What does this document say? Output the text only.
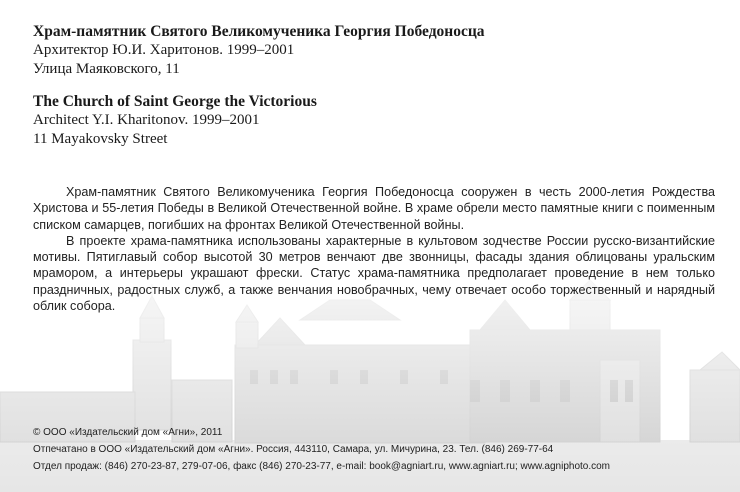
Храм-памятник Святого Великомученика Георгия Победоносца
Архитектор Ю.И. Харитонов. 1999–2001
Улица Маяковского, 11
The Church of Saint George the Victorious
Architect Y.I. Kharitonov. 1999–2001
11 Mayakovsky Street

Храм-памятник Святого Великомученика Георгия Победоносца сооружен в честь 2000-летия Рождества Христова и 55-летия Победы в Великой Отечественной войне. В храме обрели место памятные книги с поименным списком самарцев, погибших на фронтах Великой Отечественной войны.

В проекте храма-памятника использованы характерные в культовом зодчестве России русско-византийские мотивы. Пятиглавый собор высотой 30 метров венчают две звонницы, фасады здания облицованы уральским мрамором, а интерьеры украшают фрески. Статус храма-памятника предполагает проведение в нем только праздничных, радостных служб, а также венчания новобрачных, чему отвечает особо торжественный и нарядный облик собора.

© ООО «Издательский дом «Агни», 2011
Отпечатано в ООО «Издательский дом «Агни». Россия, 443110, Самара, ул. Мичурина, 23. Тел. (846) 269-77-64
Отдел продаж: (846) 270-23-87, 279-07-06, факс (846) 270-23-77, e-mail: book@agniart.ru, www.agniart.ru; www.agniphoto.com
